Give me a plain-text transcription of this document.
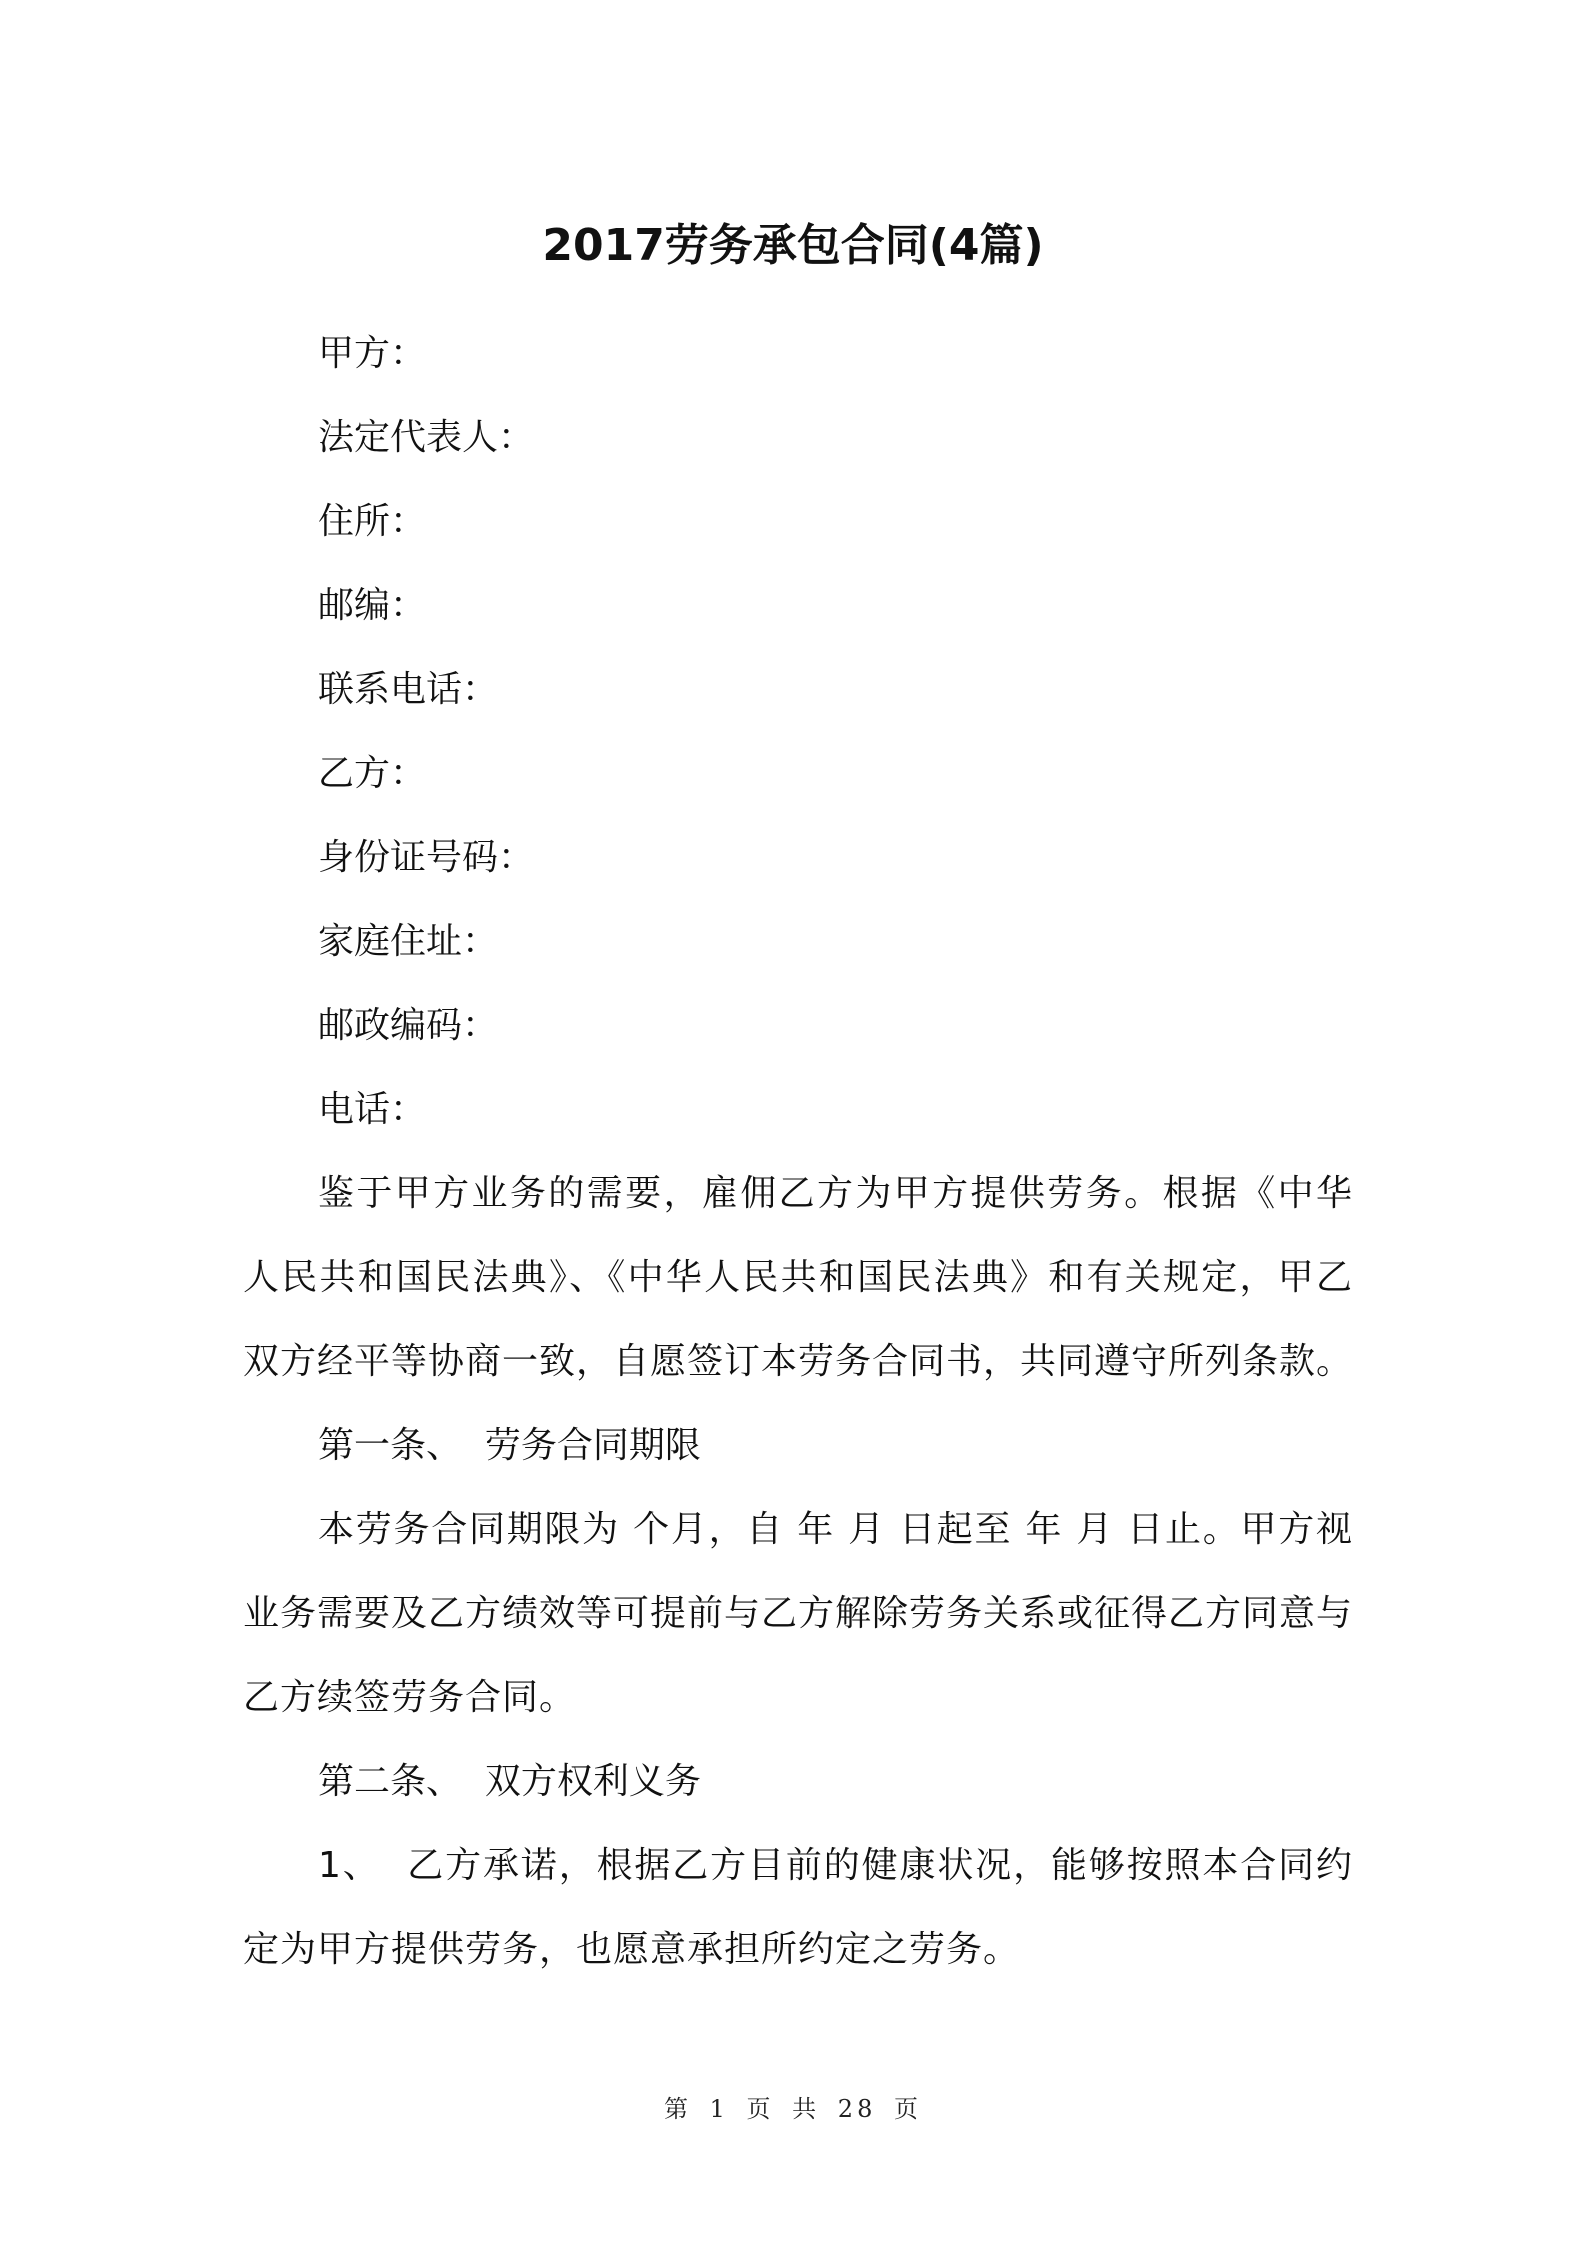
2017劳务承包合同(4篇)
甲方：
法定代表人：
住所：
邮编：
联系电话：
乙方：
身份证号码：
家庭住址：
邮政编码：
电话：
鉴于甲方业务的需要，雇佣乙方为甲方提供劳务。根据《中华人民共和国民法典》、《中华人民共和国民法典》和有关规定，甲乙双方经平等协商一致，自愿签订本劳务合同书，共同遵守所列条款。
第一条、  劳务合同期限
本劳务合同期限为 个月，自 年 月 日起至 年 月 日止。甲方视业务需要及乙方绩效等可提前与乙方解除劳务关系或征得乙方同意与乙方续签劳务合同。
第二条、  双方权利义务
1、  乙方承诺，根据乙方目前的健康状况，能够按照本合同约定为甲方提供劳务，也愿意承担所约定之劳务。
第 1 页 共 28 页
